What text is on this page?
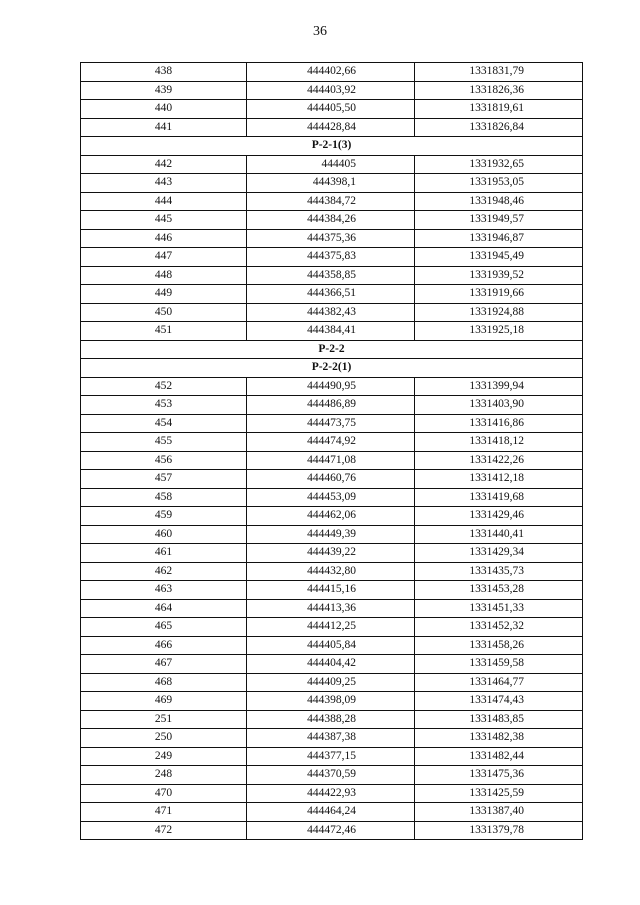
36
438	444402,66	1331831,79
439	444403,92	1331826,36
440	444405,50	1331819,61
441	444428,84	1331826,84
Р-2-1(3)		
442	444405	1331932,65
443	444398,1	1331953,05
444	444384,72	1331948,46
445	444384,26	1331949,57
446	444375,36	1331946,87
447	444375,83	1331945,49
448	444358,85	1331939,52
449	444366,51	1331919,66
450	444382,43	1331924,88
451	444384,41	1331925,18
Р-2-2		
Р-2-2(1)		
452	444490,95	1331399,94
453	444486,89	1331403,90
454	444473,75	1331416,86
455	444474,92	1331418,12
456	444471,08	1331422,26
457	444460,76	1331412,18
458	444453,09	1331419,68
459	444462,06	1331429,46
460	444449,39	1331440,41
461	444439,22	1331429,34
462	444432,80	1331435,73
463	444415,16	1331453,28
464	444413,36	1331451,33
465	444412,25	1331452,32
466	444405,84	1331458,26
467	444404,42	1331459,58
468	444409,25	1331464,77
469	444398,09	1331474,43
251	444388,28	1331483,85
250	444387,38	1331482,38
249	444377,15	1331482,44
248	444370,59	1331475,36
470	444422,93	1331425,59
471	444464,24	1331387,40
472	444472,46	1331379,78
